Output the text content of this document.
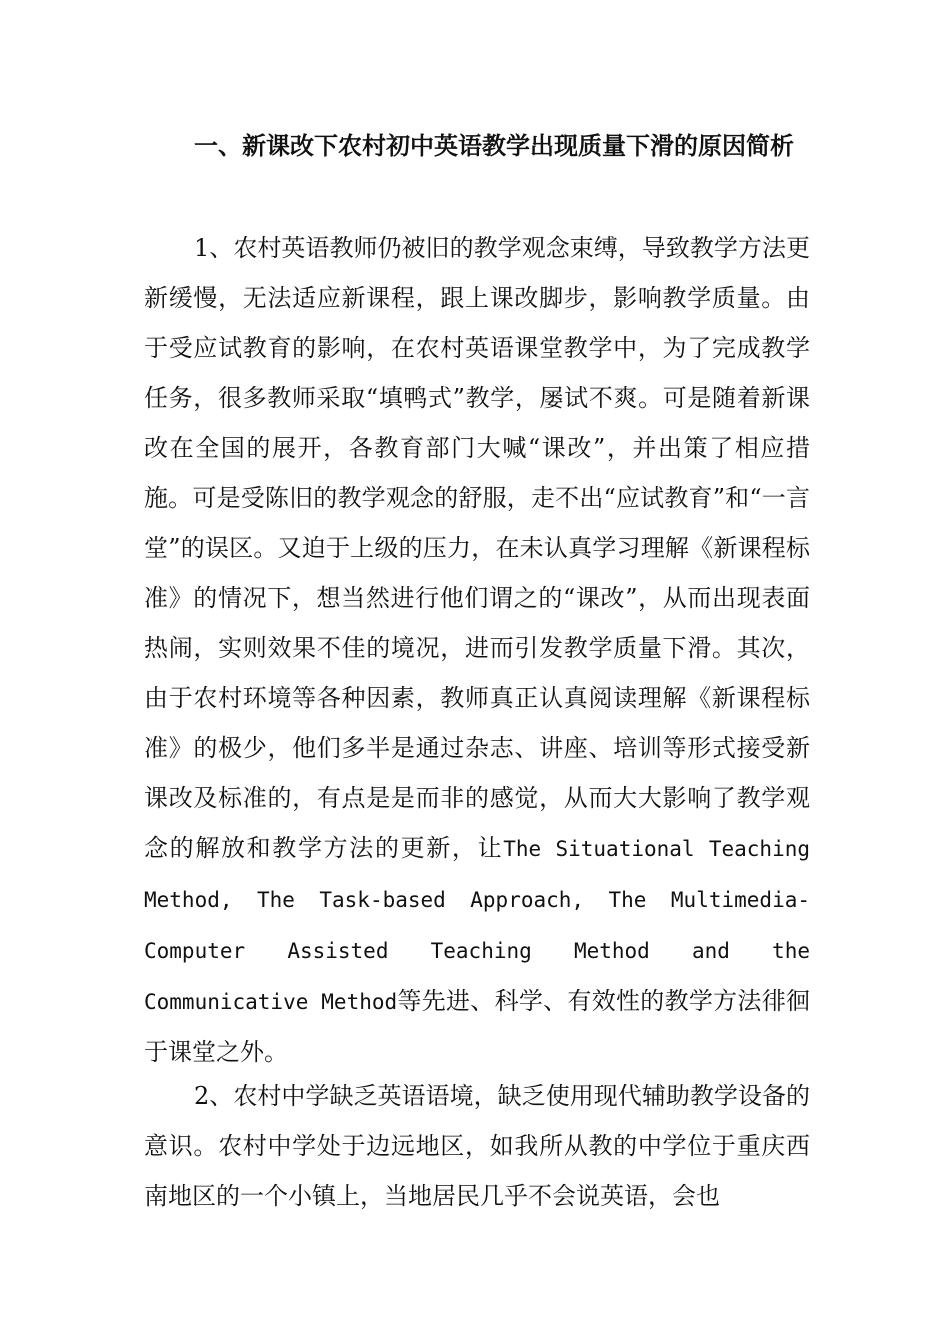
一、新课改下农村初中英语教学出现质量下滑的原因简析
1、农村英语教师仍被旧的教学观念束缚，导致教学方法更新缓慢，无法适应新课程，跟上课改脚步，影响教学质量。由于受应试教育的影响，在农村英语课堂教学中，为了完成教学任务，很多教师采取“填鸭式”教学，屡试不爽。可是随着新课改在全国的展开，各教育部门大喊“课改”，并出策了相应措施。可是受陈旧的教学观念的舒服，走不出“应试教育”和“一言堂”的误区。又迫于上级的压力，在未认真学习理解《新课程标准》的情况下，想当然进行他们谓之的“课改”，从而出现表面热闹，实则效果不佳的境况，进而引发教学质量下滑。其次，由于农村环境等各种因素，教师真正认真阅读理解《新课程标准》的极少，他们多半是通过杂志、讲座、培训等形式接受新课改及标准的，有点是是而非的感觉，从而大大影响了教学观念的解放和教学方法的更新，让The Situational Teaching Method, The Task-based Approach, The Multimedia-Computer Assisted Teaching Method and the Communicative Method等先进、科学、有效性的教学方法徘徊于课堂之外。
2、农村中学缺乏英语语境，缺乏使用现代辅助教学设备的意识。农村中学处于边远地区，如我所从教的中学位于重庆西南地区的一个小镇上，当地居民几乎不会说英语，会也
